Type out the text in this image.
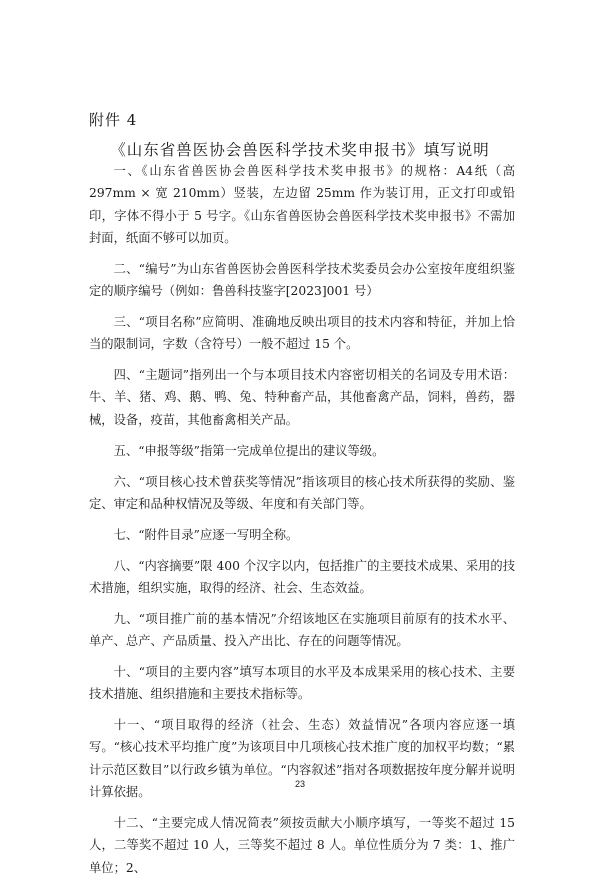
附件 4
《山东省兽医协会兽医科学技术奖申报书》填写说明

一、《山东省兽医协会兽医科学技术奖申报书》的规格：A4纸（高 297mm × 宽 210mm）竖装，左边留 25mm 作为装订用，正文打印或铅印，字体不得小于 5 号字。《山东省兽医协会兽医科学技术奖申报书》不需加封面，纸面不够可以加页。

二、“编号”为山东省兽医协会兽医科学技术奖委员会办公室按年度组织鉴定的顺序编号（例如：鲁兽科技鉴字[2023]001 号）

三、“项目名称”应简明、准确地反映出项目的技术内容和特征，并加上恰当的限制词，字数（含符号）一般不超过 15 个。

四、“主题词”指列出一个与本项目技术内容密切相关的名词及专用术语：牛、羊、猪、鸡、鹅、鸭、兔、特种畜产品，其他畜禽产品，饲料，兽药，器械，设备，疫苗，其他畜禽相关产品。

五、“申报等级”指第一完成单位提出的建议等级。

六、“项目核心技术曾获奖等情况”指该项目的核心技术所获得的奖励、鉴定、审定和品种权情况及等级、年度和有关部门等。

七、“附件目录”应逐一写明全称。

八、“内容摘要”限 400 个汉字以内，包括推广的主要技术成果、采用的技术措施，组织实施，取得的经济、社会、生态效益。

九、“项目推广前的基本情况”介绍该地区在实施项目前原有的技术水平、单产、总产、产品质量、投入产出比、存在的问题等情况。

十、“项目的主要内容”填写本项目的水平及本成果采用的核心技术、主要技术措施、组织措施和主要技术指标等。

十一、“项目取得的经济（社会、生态）效益情况”各项内容应逐一填写。“核心技术平均推广度”为该项目中几项核心技术推广度的加权平均数；“累计示范区数目”以行政乡镇为单位。“内容叙述”指对各项数据按年度分解并说明计算依据。

十二、“主要完成人情况简表”须按贡献大小顺序填写，一等奖不超过 15 人，二等奖不超过 10 人，三等奖不超过 8 人。单位性质分为 7 类：1、推广单位；2、

23
